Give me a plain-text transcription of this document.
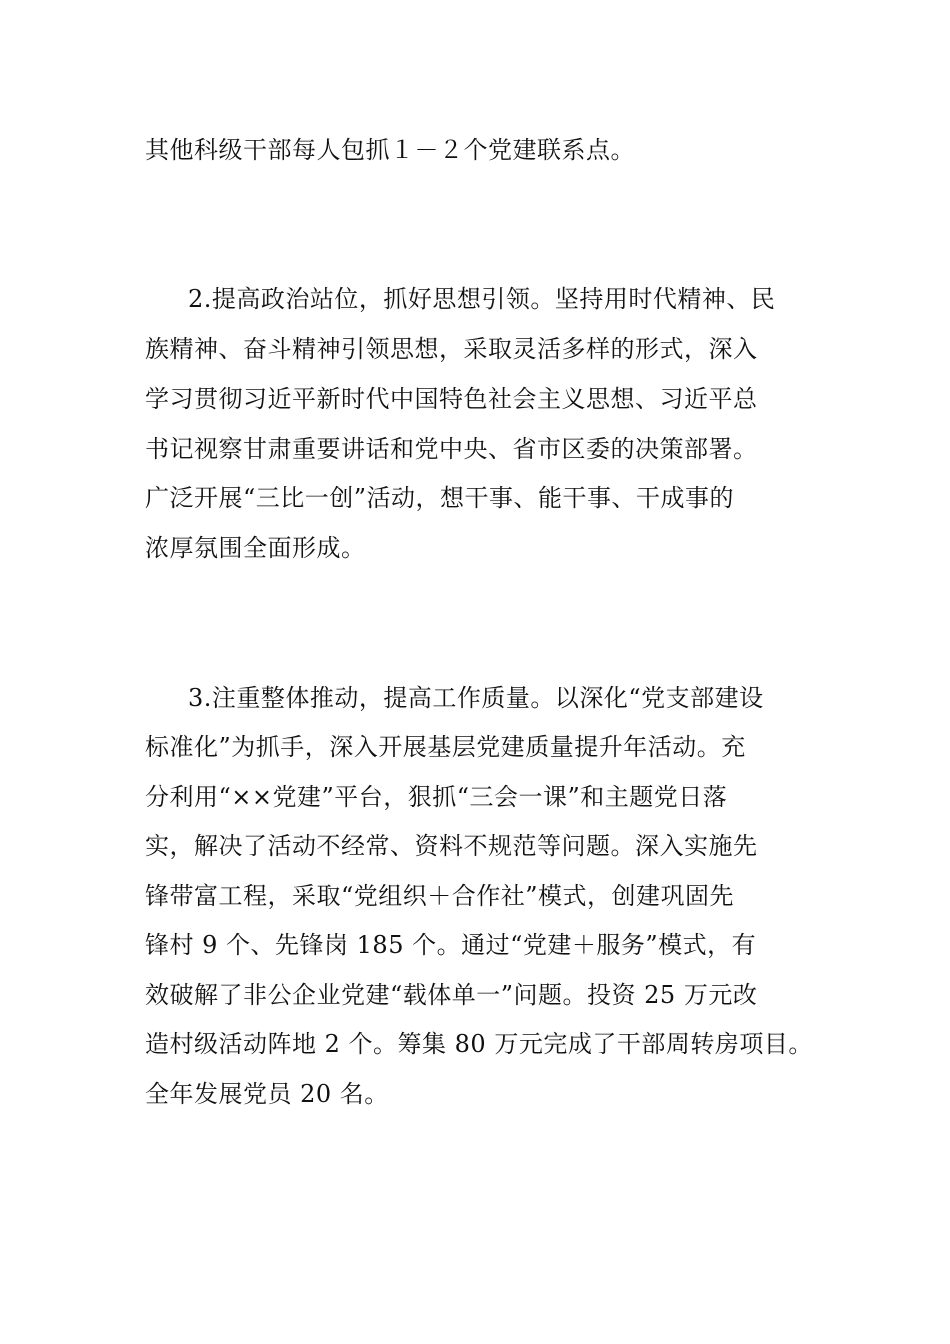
其他科级干部每人包抓１－２个党建联系点。

2.提高政治站位，抓好思想引领。坚持用时代精神、民

族精神、奋斗精神引领思想，采取灵活多样的形式，深入

学习贯彻习近平新时代中国特色社会主义思想、习近平总

书记视察甘肃重要讲话和党中央、省市区委的决策部署。

广泛开展“三比一创”活动，想干事、能干事、干成事的

浓厚氛围全面形成。

3.注重整体推动，提高工作质量。以深化“党支部建设

标准化”为抓手，深入开展基层党建质量提升年活动。充

分利用“××党建”平台，狠抓“三会一课”和主题党日落

实，解决了活动不经常、资料不规范等问题。深入实施先

锋带富工程，采取“党组织＋合作社”模式，创建巩固先

锋村 9 个、先锋岗 185 个。通过“党建＋服务”模式，有

效破解了非公企业党建“载体单一”问题。投资 25 万元改

造村级活动阵地 2 个。筹集 80 万元完成了干部周转房项目。

全年发展党员 20 名。
